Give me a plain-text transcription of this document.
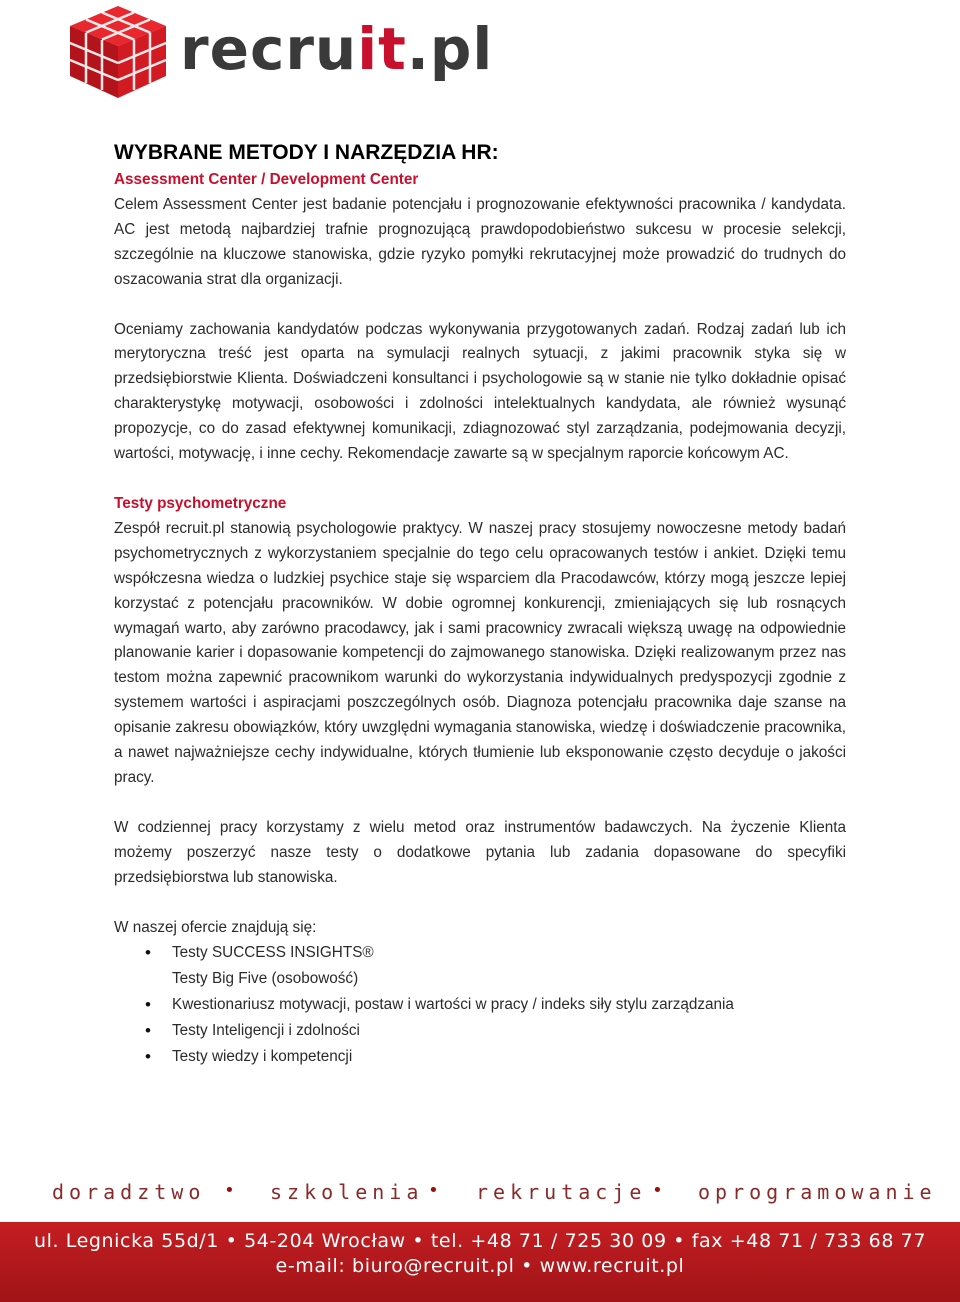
recruit.pl
WYBRANE METODY I NARZĘDZIA HR:

Assessment Center / Development Center

Celem Assessment Center jest badanie potencjału i prognozowanie efektywności pracownika / kandydata. AC jest metodą najbardziej trafnie prognozującą prawdopodobieństwo sukcesu w procesie selekcji, szczególnie na kluczowe stanowiska, gdzie ryzyko pomyłki rekrutacyjnej może prowadzić do trudnych do oszacowania strat dla organizacji.

Oceniamy zachowania kandydatów podczas wykonywania przygotowanych zadań. Rodzaj zadań lub ich merytoryczna treść jest oparta na symulacji realnych sytuacji, z jakimi pracownik styka się w przedsiębiorstwie Klienta. Doświadczeni konsultanci i psychologowie są w stanie nie tylko dokładnie opisać charakterystykę motywacji, osobowości i zdolności intelektualnych kandydata, ale również wysunąć propozycje, co do zasad efektywnej komunikacji, zdiagnozować styl zarządzania, podejmowania decyzji, wartości, motywację, i inne cechy. Rekomendacje zawarte są w specjalnym raporcie końcowym AC.

Testy psychometryczne

Zespół recruit.pl stanowią psychologowie praktycy. W naszej pracy stosujemy nowoczesne metody badań psychometrycznych z wykorzystaniem specjalnie do tego celu opracowanych testów i ankiet. Dzięki temu współczesna wiedza o ludzkiej psychice staje się wsparciem dla Pracodawców, którzy mogą jeszcze lepiej korzystać z potencjału pracowników. W dobie ogromnej konkurencji, zmieniających się lub rosnących wymagań warto, aby zarówno pracodawcy, jak i sami pracownicy zwracali większą uwagę na odpowiednie planowanie karier i dopasowanie kompetencji do zajmowanego stanowiska. Dzięki realizowanym przez nas testom można zapewnić pracownikom warunki do wykorzystania indywidualnych predyspozycji zgodnie z systemem wartości i aspiracjami poszczególnych osób. Diagnoza potencjału pracownika daje szanse na opisanie zakresu obowiązków, który uwzględni wymagania stanowiska, wiedzę i doświadczenie pracownika, a nawet najważniejsze cechy indywidualne, których tłumienie lub eksponowanie często decyduje o jakości pracy.

W codziennej pracy korzystamy z wielu metod oraz instrumentów badawczych. Na życzenie Klienta możemy poszerzyć nasze testy o dodatkowe pytania lub zadania dopasowane do specyfiki przedsiębiorstwa lub stanowiska.

W naszej ofercie znajdują się:

• Testy SUCCESS INSIGHTS®
Testy Big Five (osobowość)
• Kwestionariusz motywacji, postaw i wartości w pracy / indeks siły stylu zarządzania
• Testy Inteligencji i zdolności
• Testy wiedzy i kompetencji
doradztwo • szkolenia • rekrutacje • oprogramowanie
ul. Legnicka 55d/1 • 54-204 Wrocław • tel. +48 71 / 725 30 09 • fax +48 71 / 733 68 77
e-mail: biuro@recruit.pl • www.recruit.pl
